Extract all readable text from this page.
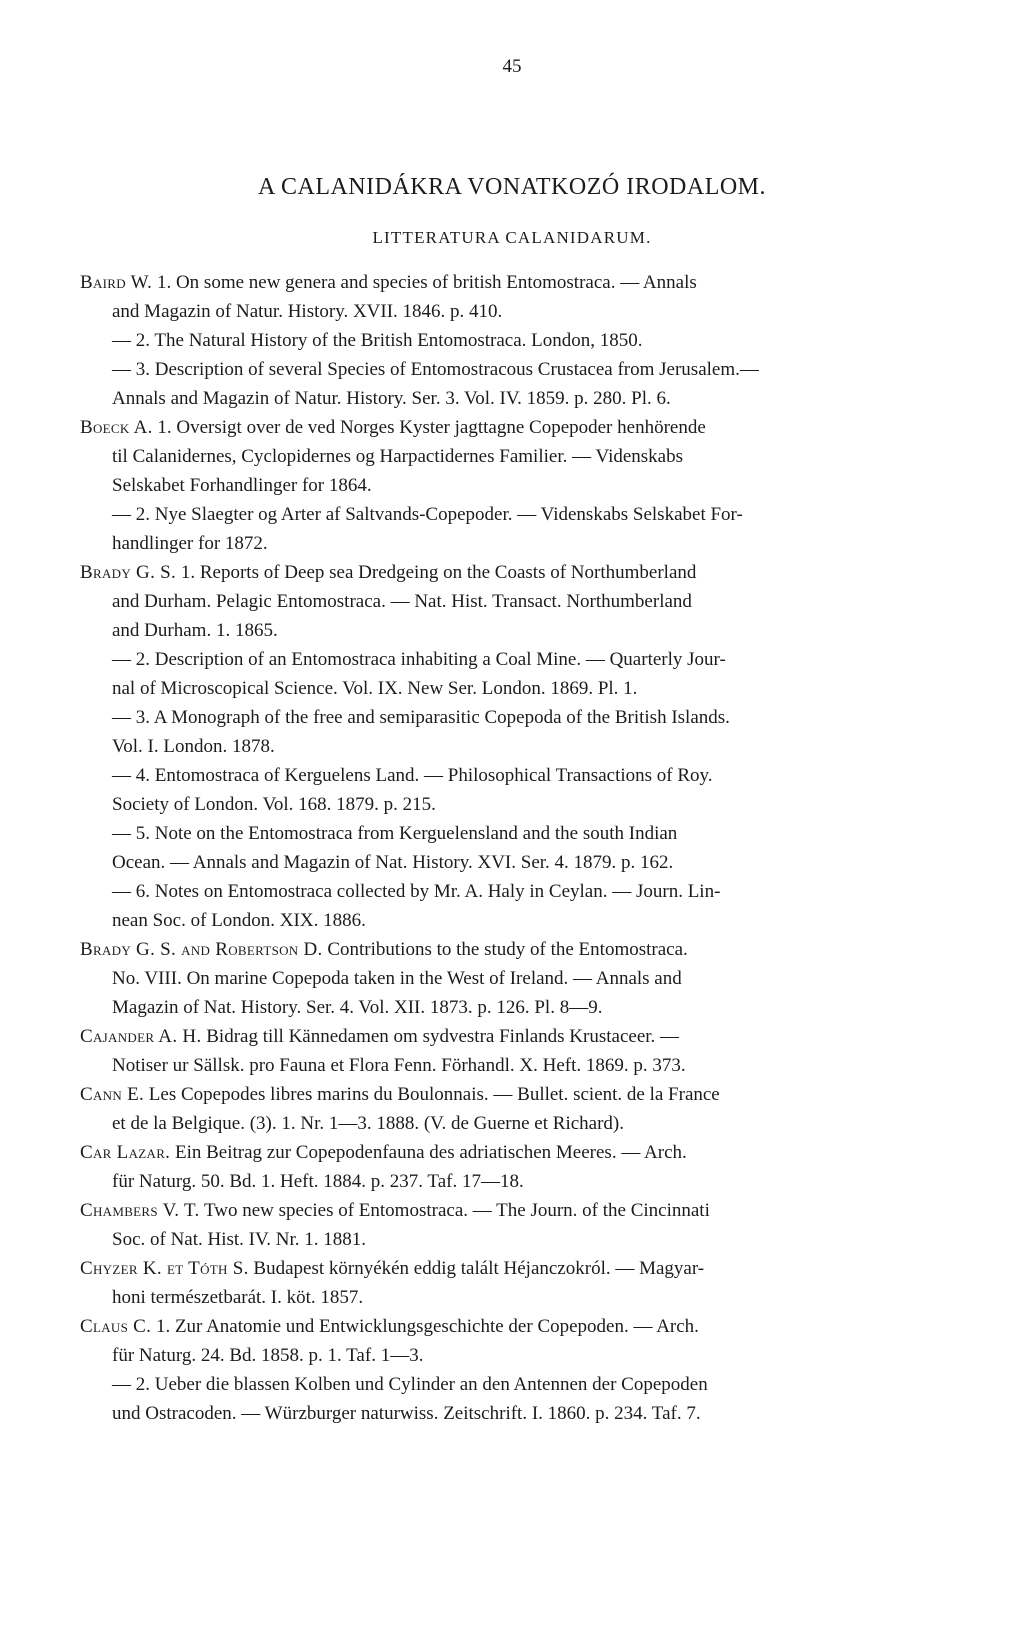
45
A CALANIDÁKRA VONATKOZÓ IRODALOM.
LITTERATURA CALANIDARUM.
Baird W. 1. On some new genera and species of british Entomostraca. — Annals
and Magazin of Natur. History. XVII. 1846. p. 410.
— 2. The Natural History of the British Entomostraca. London, 1850.
— 3. Description of several Species of Entomostracous Crustacea from Jerusalem.—
Annals and Magazin of Natur. History. Ser. 3. Vol. IV. 1859. p. 280. Pl. 6.
Boeck A. 1. Oversigt over de ved Norges Kyster jagttagne Copepoder henhörende
til Calanidernes, Cyclopidernes og Harpactidernes Familier. — Videnskabs
Selskabet Forhandlinger for 1864.
— 2. Nye Slaegter og Arter af Saltvands-Copepoder. — Videnskabs Selskabet For-
handlinger for 1872.
Brady G. S. 1. Reports of Deep sea Dredgeing on the Coasts of Northumberland
and Durham. Pelagic Entomostraca. — Nat. Hist. Transact. Northumberland
and Durham. 1. 1865.
— 2. Description of an Entomostraca inhabiting a Coal Mine. — Quarterly Jour-
nal of Microscopical Science. Vol. IX. New Ser. London. 1869. Pl. 1.
— 3. A Monograph of the free and semiparasitic Copepoda of the British Islands.
Vol. I. London. 1878.
— 4. Entomostraca of Kerguelens Land. — Philosophical Transactions of Roy.
Society of London. Vol. 168. 1879. p. 215.
— 5. Note on the Entomostraca from Kerguelensland and the south Indian
Ocean. — Annals and Magazin of Nat. History. XVI. Ser. 4. 1879. p. 162.
— 6. Notes on Entomostraca collected by Mr. A. Haly in Ceylan. — Journ. Lin-
nean Soc. of London. XIX. 1886.
Brady G. S. and Robertson D. Contributions to the study of the Entomostraca.
No. VIII. On marine Copepoda taken in the West of Ireland. — Annals and
Magazin of Nat. History. Ser. 4. Vol. XII. 1873. p. 126. Pl. 8—9.
Cajander A. H. Bidrag till Kännedamen om sydvestra Finlands Krustaceer. —
Notiser ur Sällsk. pro Fauna et Flora Fenn. Förhandl. X. Heft. 1869. p. 373.
Cann E. Les Copepodes libres marins du Boulonnais. — Bullet. scient. de la France
et de la Belgique. (3). 1. Nr. 1—3. 1888. (V. de Guerne et Richard).
Car Lazar. Ein Beitrag zur Copepodenfauna des adriatischen Meeres. — Arch.
für Naturg. 50. Bd. 1. Heft. 1884. p. 237. Taf. 17—18.
Chambers V. T. Two new species of Entomostraca. — The Journ. of the Cincinnati
Soc. of Nat. Hist. IV. Nr. 1. 1881.
Chyzer K. et Tóth S. Budapest környékén eddig talált Héjanczokról. — Magyar-
honi természetbarát. I. köt. 1857.
Claus C. 1. Zur Anatomie und Entwicklungsgeschichte der Copepoden. — Arch.
für Naturg. 24. Bd. 1858. p. 1. Taf. 1—3.
— 2. Ueber die blassen Kolben und Cylinder an den Antennen der Copepoden
und Ostracoden. — Würzburger naturwiss. Zeitschrift. I. 1860. p. 234. Taf. 7.
